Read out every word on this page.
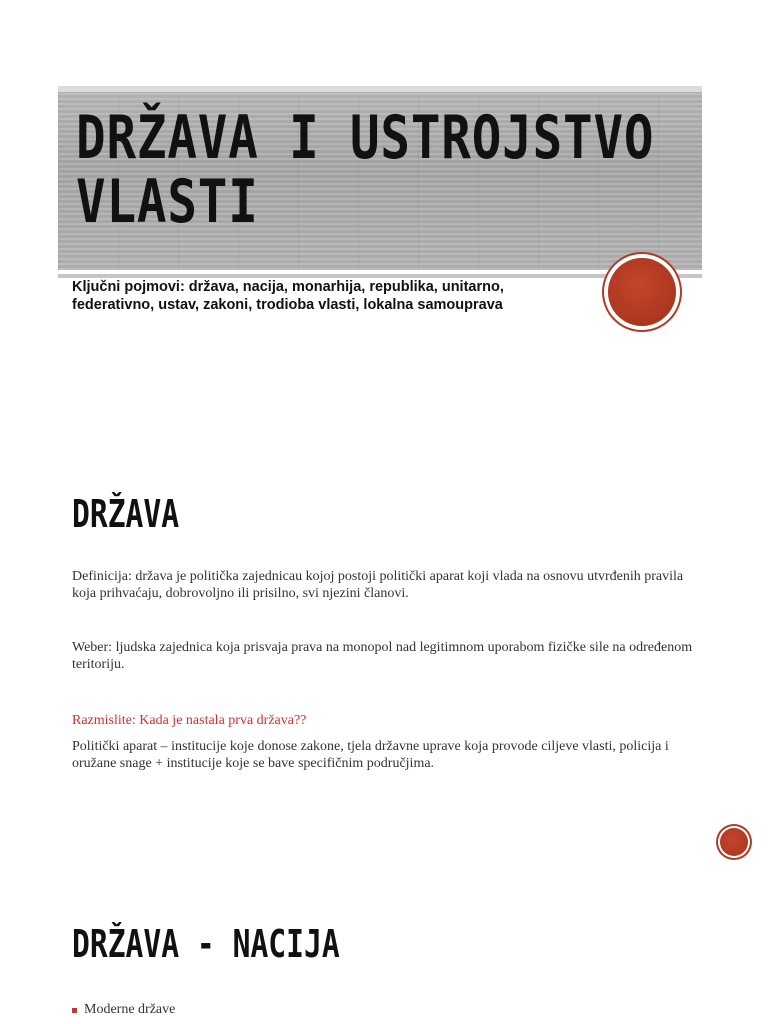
DRŽAVA I USTROJSTVO
VLASTI

Ključni pojmovi: država, nacija, monarhija, republika, unitarno, federativno, ustav, zakoni, trodioba vlasti, lokalna samouprava

DRŽAVA

Definicija: država je politička zajednicau kojoj postoji politički aparat koji vlada na osnovu utvrđenih pravila koja prihvaćaju, dobrovoljno ili prisilno, svi njezini članovi.

Weber: ljudska zajednica koja prisvaja prava na monopol nad legitimnom uporabom fizičke sile na određenom teritoriju.

Razmislite: Kada je nastala prva država??

Politički aparat – institucije koje donose zakone, tjela državne uprave koja provode ciljeve vlasti, policija i oružane snage + institucije koje se bave specifičnim područjima.

DRŽAVA - NACIJA
Moderne države
